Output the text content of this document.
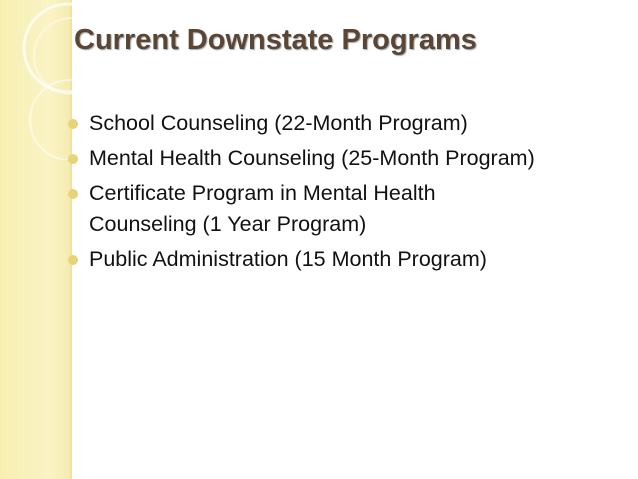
Current Downstate Programs
School Counseling (22-Month Program)
Mental Health Counseling (25-Month Program)
Certificate Program in Mental Health Counseling (1 Year Program)
Public Administration (15 Month Program)
